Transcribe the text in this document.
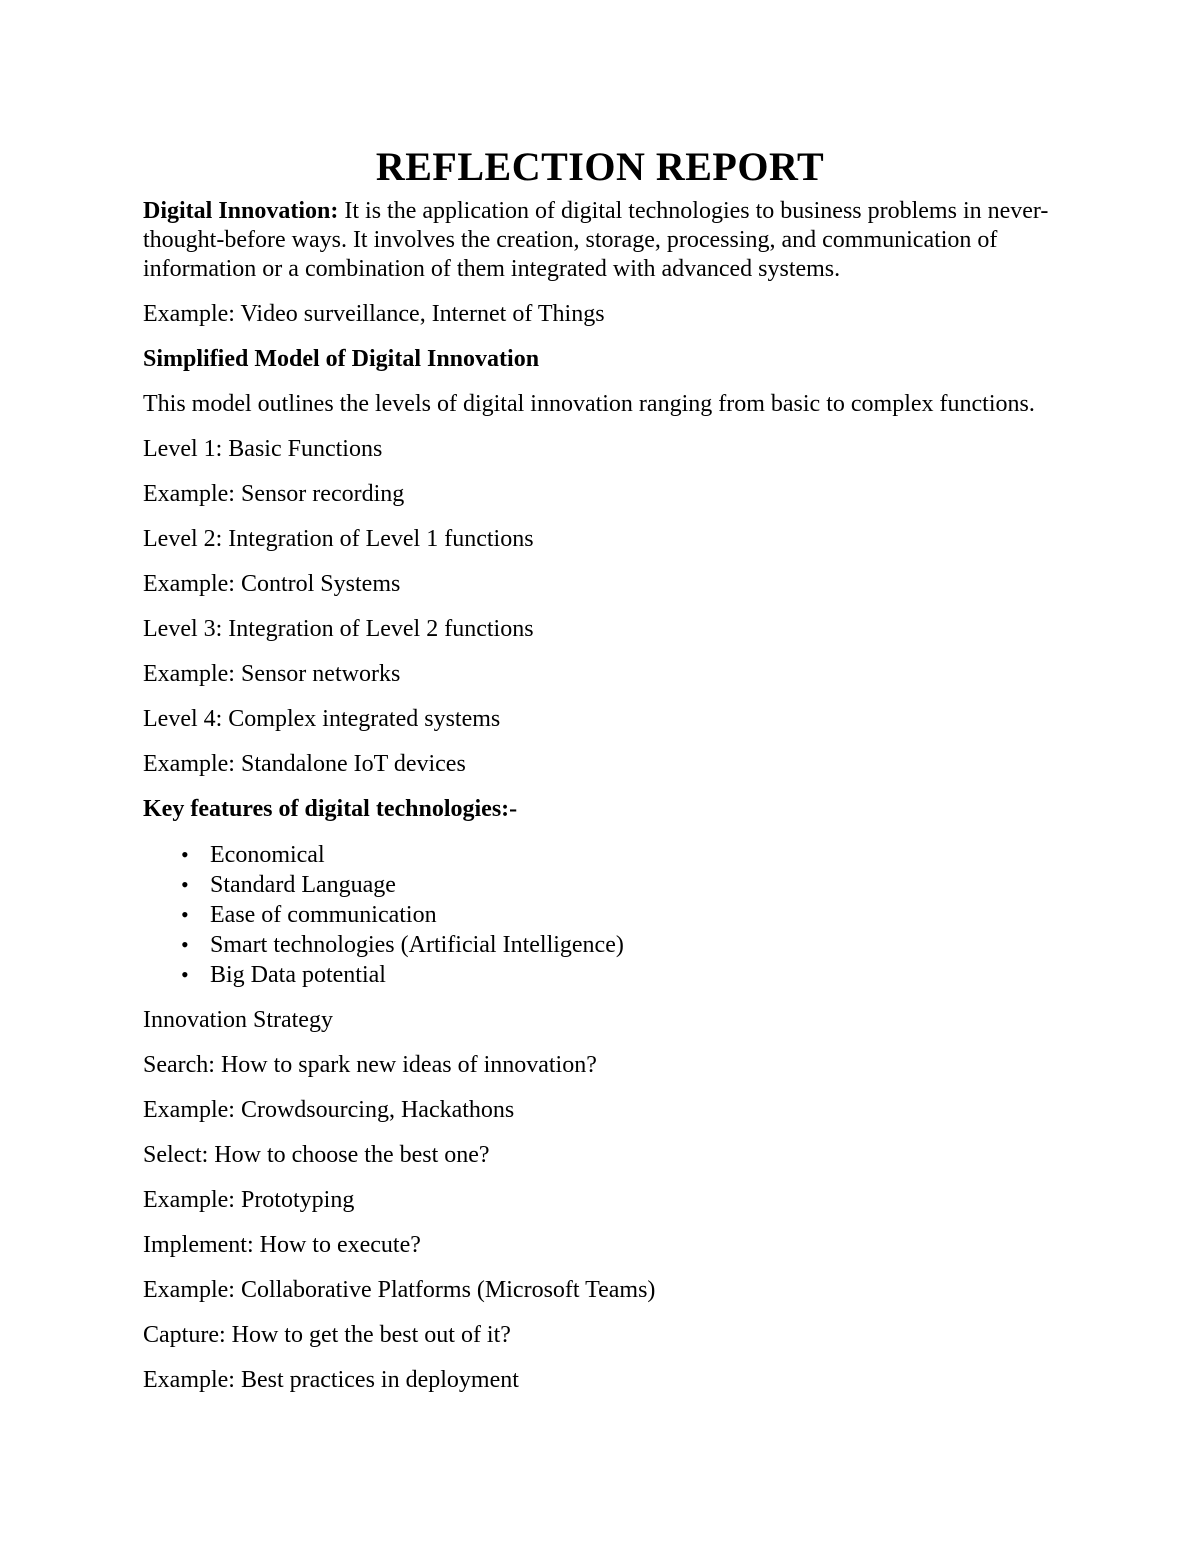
REFLECTION REPORT

Digital Innovation: It is the application of digital technologies to business problems in never-thought-before ways. It involves the creation, storage, processing, and communication of information or a combination of them integrated with advanced systems.

Example: Video surveillance, Internet of Things

Simplified Model of Digital Innovation

This model outlines the levels of digital innovation ranging from basic to complex functions.

Level 1: Basic Functions

Example: Sensor recording

Level 2: Integration of Level 1 functions

Example: Control Systems

Level 3: Integration of Level 2 functions

Example: Sensor networks

Level 4: Complex integrated systems

Example: Standalone IoT devices

Key features of digital technologies:-
• Economical
• Standard Language
• Ease of communication
• Smart technologies (Artificial Intelligence)
• Big Data potential

Innovation Strategy

Search: How to spark new ideas of innovation?

Example: Crowdsourcing, Hackathons

Select: How to choose the best one?

Example: Prototyping

Implement: How to execute?

Example: Collaborative Platforms (Microsoft Teams)

Capture: How to get the best out of it?

Example: Best practices in deployment
